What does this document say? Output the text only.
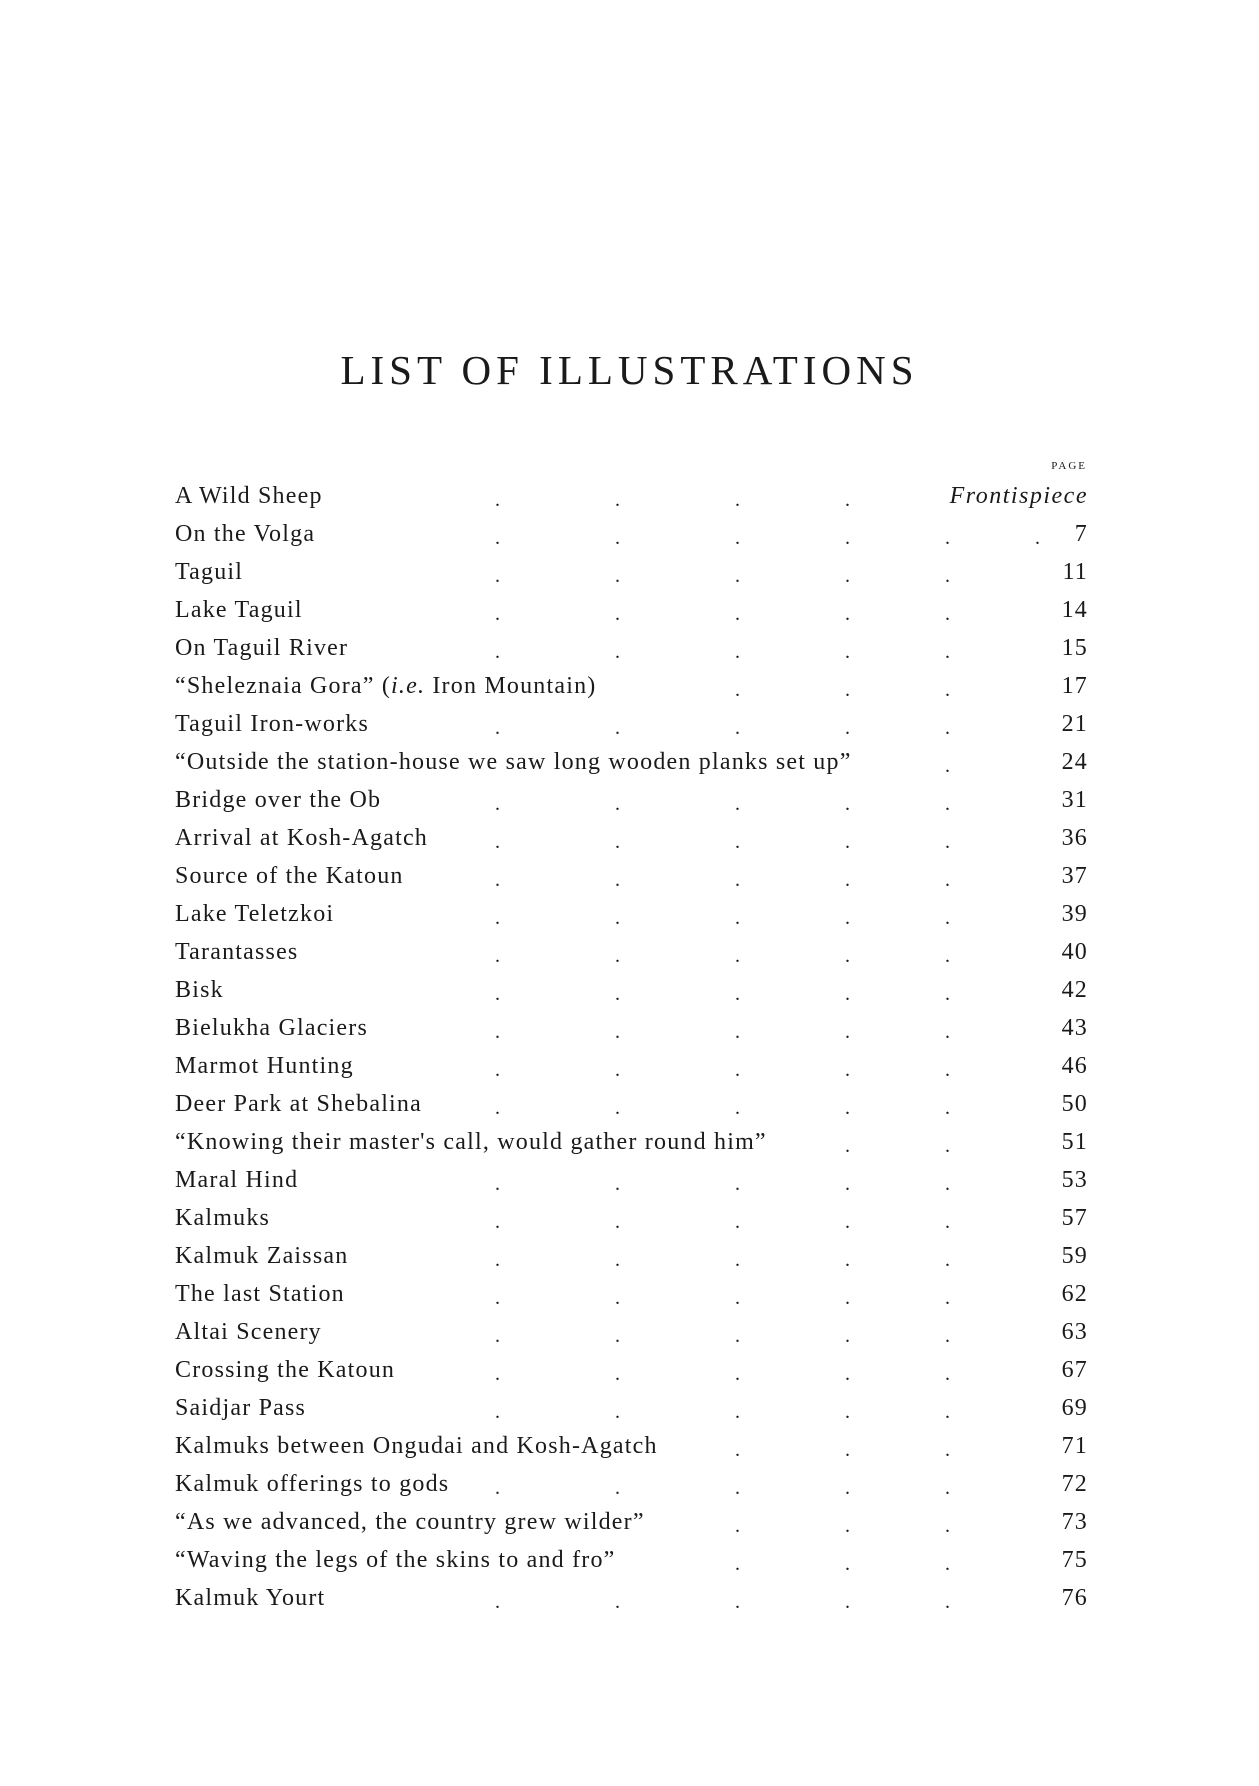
LIST OF ILLUSTRATIONS
PAGE
A Wild Sheep	.	.	.	.	Frontispiece
On the Volga	.	.	.	.	.	. 7
Taguil	.	.	.	.	.	11
Lake Taguil	.	.	.	.	.	14
On Taguil River	.	.	.	.	.	15
“Sheleznaia Gora” (i.e. Iron Mountain)	.	.	.	17
Taguil Iron-works	.	.	.	.	.	21
“Outside the station-house we saw long wooden planks set up”	.	24
Bridge over the Ob	.	.	.	.	.	31
Arrival at Kosh-Agatch	.	.	.	.	.	36
Source of the Katoun	.	.	.	.	.	37
Lake Teletzkoi	.	.	.	.	.	39
Tarantasses	.	.	.	.	.	40
Bisk	.	.	.	.	.	42
Bielukha Glaciers	.	.	.	.	.	43
Marmot Hunting	.	.	.	.	.	46
Deer Park at Shebalina	.	.	.	.	.	50
“Knowing their master's call, would gather round him”	.	.	51
Maral Hind	.	.	.	.	.	53
Kalmuks	.	.	.	.	.	57
Kalmuk Zaissan	.	.	.	.	.	59
The last Station	.	.	.	.	.	62
Altai Scenery	.	.	.	.	.	63
Crossing the Katoun	.	.	.	.	.	67
Saidjar Pass	.	.	.	.	.	69
Kalmuks between Ongudai and Kosh-Agatch	.	.	.	71
Kalmuk offerings to gods .	.	.	.	.	72
“As we advanced, the country grew wilder”	.	.	.	73
“Waving the legs of the skins to and fro”	.	.	.	75
Kalmuk Yourt	.	.	.	.	.	76
